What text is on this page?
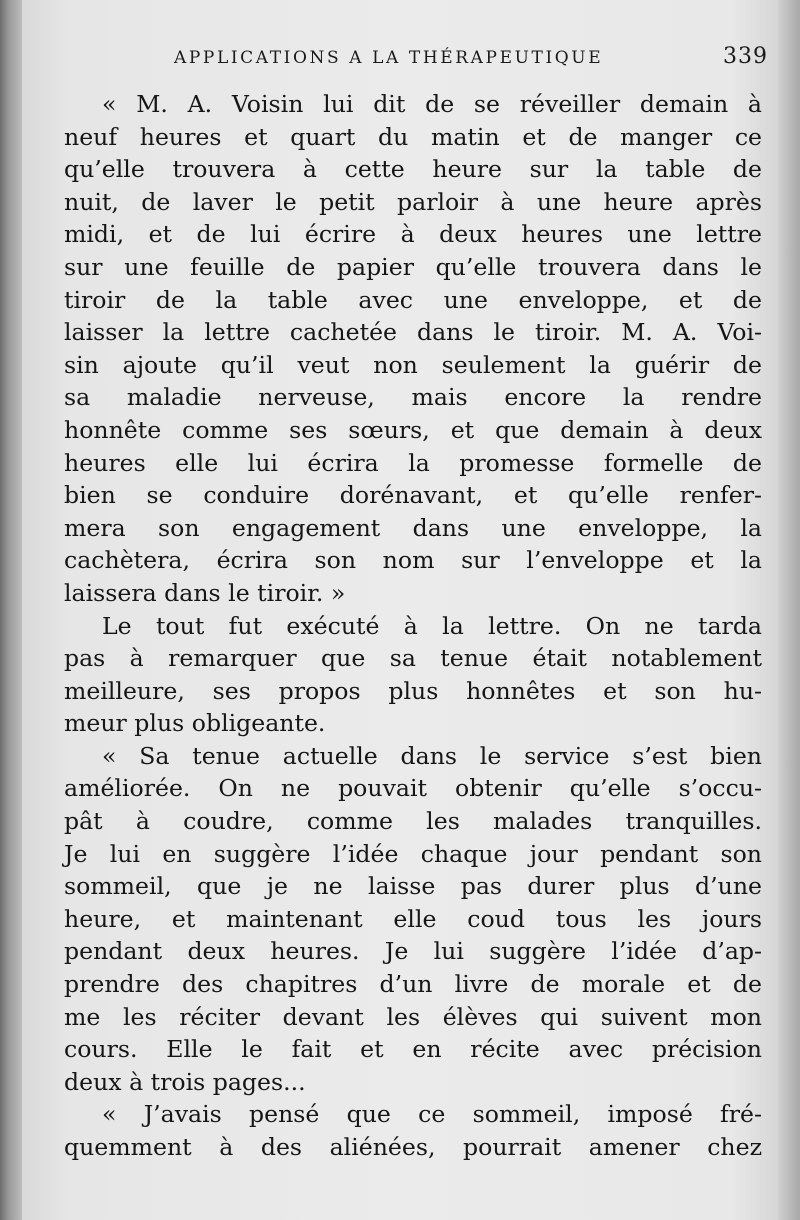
APPLICATIONS A LA THÉRAPEUTIQUE	339
« M. A. Voisin lui dit de se réveiller demain à
neuf heures et quart du matin et de manger ce
qu’elle trouvera à cette heure sur la table de
nuit, de laver le petit parloir à une heure après
midi, et de lui écrire à deux heures une lettre
sur une feuille de papier qu’elle trouvera dans le
tiroir de la table avec une enveloppe, et de
laisser la lettre cachetée dans le tiroir. M. A. Voi-
sin ajoute qu’il veut non seulement la guérir de
sa maladie nerveuse, mais encore la rendre
honnête comme ses sœurs, et que demain à deux
heures elle lui écrira la promesse formelle de
bien se conduire dorénavant, et qu’elle renfer-
mera son engagement dans une enveloppe, la
cachètera, écrira son nom sur l’enveloppe et la
laissera dans le tiroir. »
Le tout fut exécuté à la lettre. On ne tarda
pas à remarquer que sa tenue était notablement
meilleure, ses propos plus honnêtes et son hu-
meur plus obligeante.
« Sa tenue actuelle dans le service s’est bien
améliorée. On ne pouvait obtenir qu’elle s’occu-
pât à coudre, comme les malades tranquilles.
Je lui en suggère l’idée chaque jour pendant son
sommeil, que je ne laisse pas durer plus d’une
heure, et maintenant elle coud tous les jours
pendant deux heures. Je lui suggère l’idée d’ap-
prendre des chapitres d’un livre de morale et de
me les réciter devant les élèves qui suivent mon
cours. Elle le fait et en récite avec précision
deux à trois pages...
« J’avais pensé que ce sommeil, imposé fré-
quemment à des aliénées, pourrait amener chez
